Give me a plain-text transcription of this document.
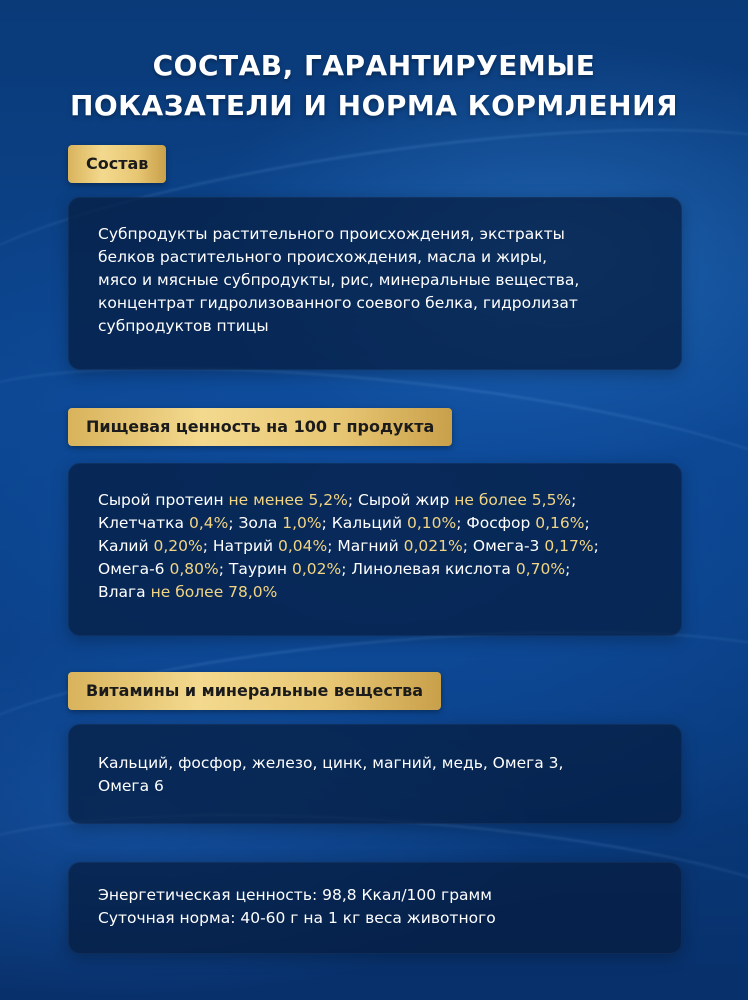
СОСТАВ, ГАРАНТИРУЕМЫЕ
ПОКАЗАТЕЛИ И НОРМА КОРМЛЕНИЯ
Состав

Субпродукты растительного происхождения, экстракты

белков растительного происхождения, масла и жиры,

мясо и мясные субпродукты, рис, минеральные вещества,

концентрат гидролизованного соевого белка, гидролизат

субпродуктов птицы

Пищевая ценность на 100 г продукта

Сырой протеин не менее 5,2%; Сырой жир не более 5,5%;

Клетчатка 0,4%; Зола 1,0%; Кальций 0,10%; Фосфор 0,16%;

Калий 0,20%; Натрий 0,04%; Магний 0,021%; Омега-3 0,17%;

Омега-6 0,80%; Таурин 0,02%; Линолевая кислота 0,70%;

Влага не более 78,0%

Витамины и минеральные вещества

Кальций, фосфор, железо, цинк, магний, медь, Омега 3,

Омега 6

Энергетическая ценность: 98,8 Ккал/100 грамм

Суточная норма: 40-60 г на 1 кг веса животного
